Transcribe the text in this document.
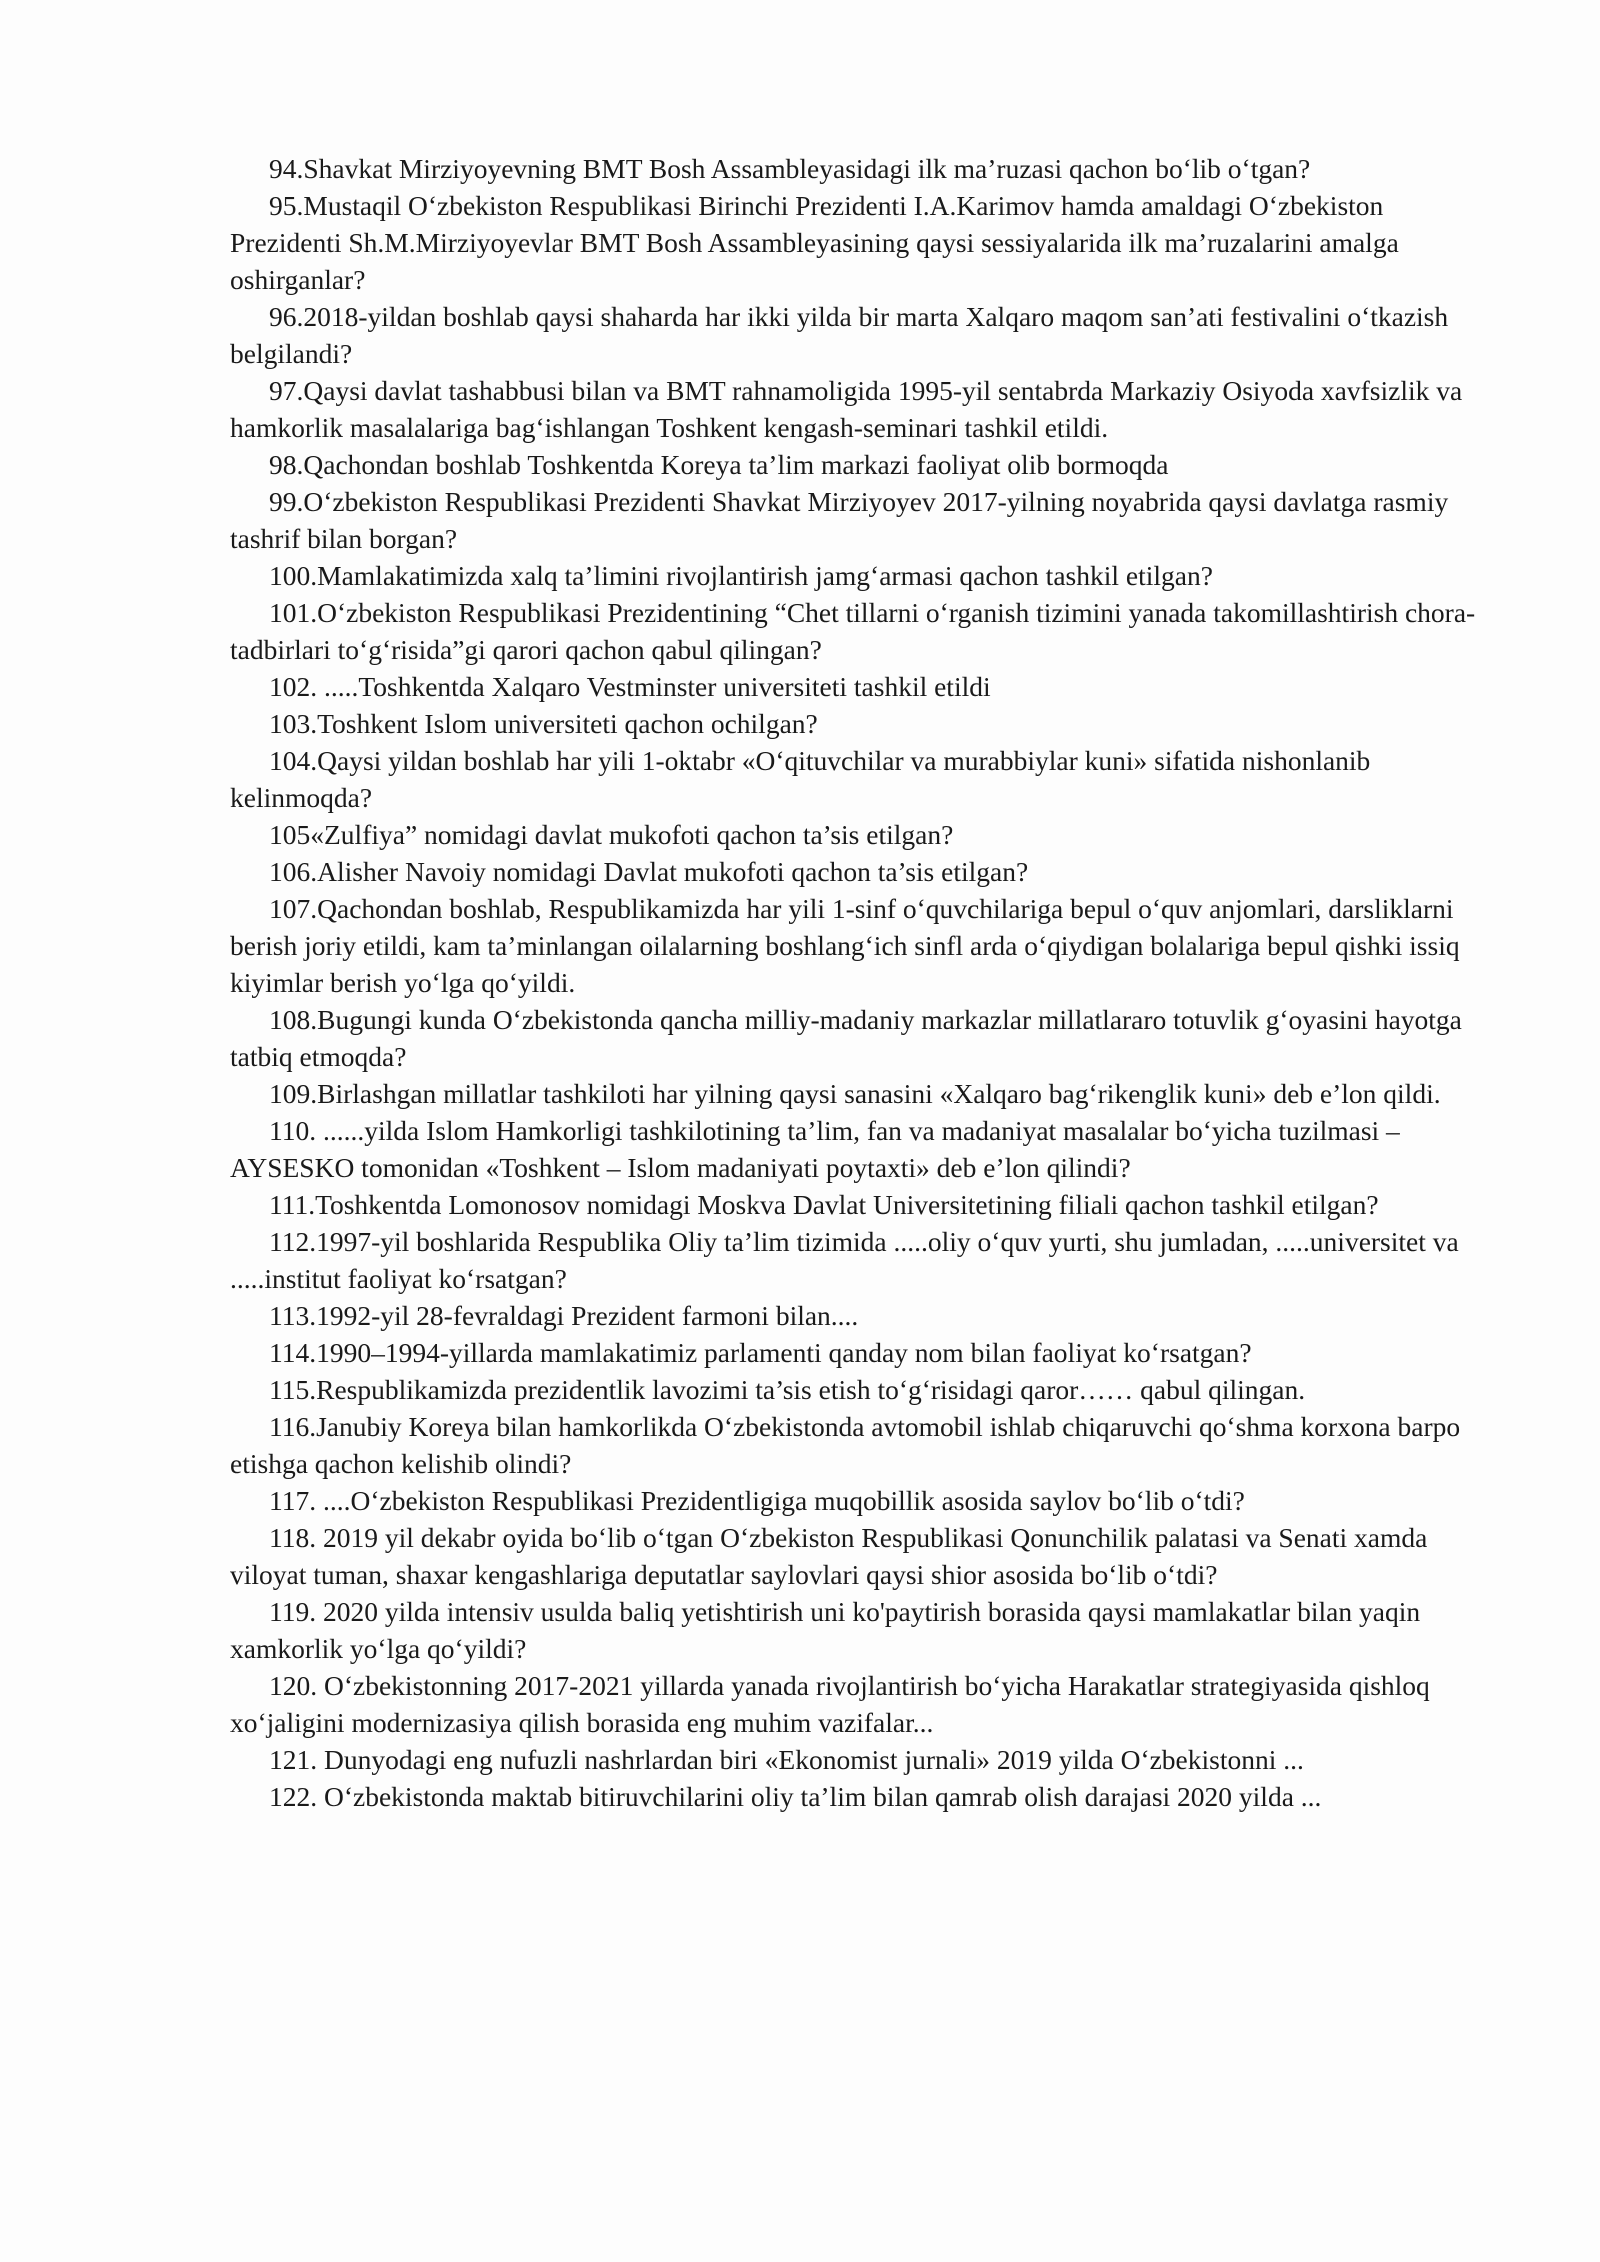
94.Shavkat Mirziyoyevning BMT Bosh Assambleyasidagi ilk ma’ruzasi qachon bo‘lib o‘tgan?

95.Mustaqil O‘zbekiston Respublikasi Birinchi Prezidenti I.A.Karimov hamda amaldagi O‘zbekiston Prezidenti Sh.M.Mirziyoyevlar BMT Bosh Assambleyasining qaysi sessiyalarida ilk ma’ruzalarini amalga oshirganlar?

96.2018-yildan boshlab qaysi shaharda har ikki yilda bir marta Xalqaro maqom san’ati festivalini o‘tkazish belgilandi?

97.Qaysi davlat tashabbusi bilan va BMT rahnamoligida 1995-yil sentabrda Markaziy Osiyoda xavfsizlik va hamkorlik masalalariga bag‘ishlangan Toshkent kengash-seminari tashkil etildi.

98.Qachondan boshlab Toshkentda Koreya ta’lim markazi faoliyat olib bormoqda

99.O‘zbekiston Respublikasi Prezidenti Shavkat Mirziyoyev 2017-yilning noyabrida qaysi davlatga rasmiy tashrif bilan borgan?

100.Mamlakatimizda xalq ta’limini rivojlantirish jamg‘armasi qachon tashkil etilgan?

101.O‘zbekiston Respublikasi Prezidentining “Chet tillarni o‘rganish tizimini yanada takomillashtirish chora-tadbirlari to‘g‘risida”gi qarori qachon qabul qilingan?

102. .....Toshkentda Xalqaro Vestminster universiteti tashkil etildi

103.Toshkent Islom universiteti qachon ochilgan?

104.Qaysi yildan boshlab har yili 1-oktabr «O‘qituvchilar va murabbiylar kuni» sifatida nishonlanib kelinmoqda?

105«Zulfiya” nomidagi davlat mukofoti qachon ta’sis etilgan?

106.Alisher Navoiy nomidagi Davlat mukofoti qachon ta’sis etilgan?

107.Qachondan boshlab, Respublikamizda har yili 1-sinf o‘quvchilariga bepul o‘quv anjomlari, darsliklarni berish joriy etildi, kam ta’minlangan oilalarning boshlang‘ich sinfl arda o‘qiydigan bolalariga bepul qishki issiq kiyimlar berish yo‘lga qo‘yildi.

108.Bugungi kunda O‘zbekistonda qancha milliy-madaniy markazlar millatlararo totuvlik g‘oyasini hayotga tatbiq etmoqda?

109.Birlashgan millatlar tashkiloti har yilning qaysi sanasini «Xalqaro bag‘rikenglik kuni» deb e’lon qildi.

110. ......yilda Islom Hamkorligi tashkilotining ta’lim, fan va madaniyat masalalar bo‘yicha tuzilmasi – AYSESKO tomonidan «Toshkent – Islom madaniyati poytaxti» deb e’lon qilindi?

111.Toshkentda Lomonosov nomidagi Moskva Davlat Universitetining filiali qachon tashkil etilgan?

112.1997-yil boshlarida Respublika Oliy ta’lim tizimida .....oliy o‘quv yurti, shu jumladan, .....universitet va .....institut faoliyat ko‘rsatgan?

113.1992-yil 28-fevraldagi Prezident farmoni bilan....

114.1990–1994-yillarda mamlakatimiz parlamenti qanday nom bilan faoliyat ko‘rsatgan?

115.Respublikamizda prezidentlik lavozimi ta’sis etish to‘g‘risidagi qaror…… qabul qilingan.

116.Janubiy Koreya bilan hamkorlikda O‘zbekistonda avtomobil ishlab chiqaruvchi qo‘shma korxona barpo etishga qachon kelishib olindi?

117. ....O‘zbekiston Respublikasi Prezidentligiga muqobillik asosida saylov bo‘lib o‘tdi?

118. 2019 yil dekabr oyida bo‘lib o‘tgan O‘zbekiston Respublikasi Qonunchilik palatasi va Senati xamda viloyat tuman, shaxar kengashlariga deputatlar saylovlari qaysi shior asosida bo‘lib o‘tdi?

119. 2020 yilda intensiv usulda baliq yetishtirish uni ko'paytirish borasida qaysi mamlakatlar bilan yaqin xamkorlik yo‘lga qo‘yildi?

120. O‘zbekistonning 2017-2021 yillarda yanada rivojlantirish bo‘yicha Harakatlar strategiyasida qishloq xo‘jaligini modernizasiya qilish borasida eng muhim vazifalar...

121. Dunyodagi eng nufuzli nashrlardan biri «Ekonomist jurnali» 2019 yilda O‘zbekistonni ...

122. O‘zbekistonda maktab bitiruvchilarini oliy ta’lim bilan qamrab olish darajasi 2020 yilda ...
